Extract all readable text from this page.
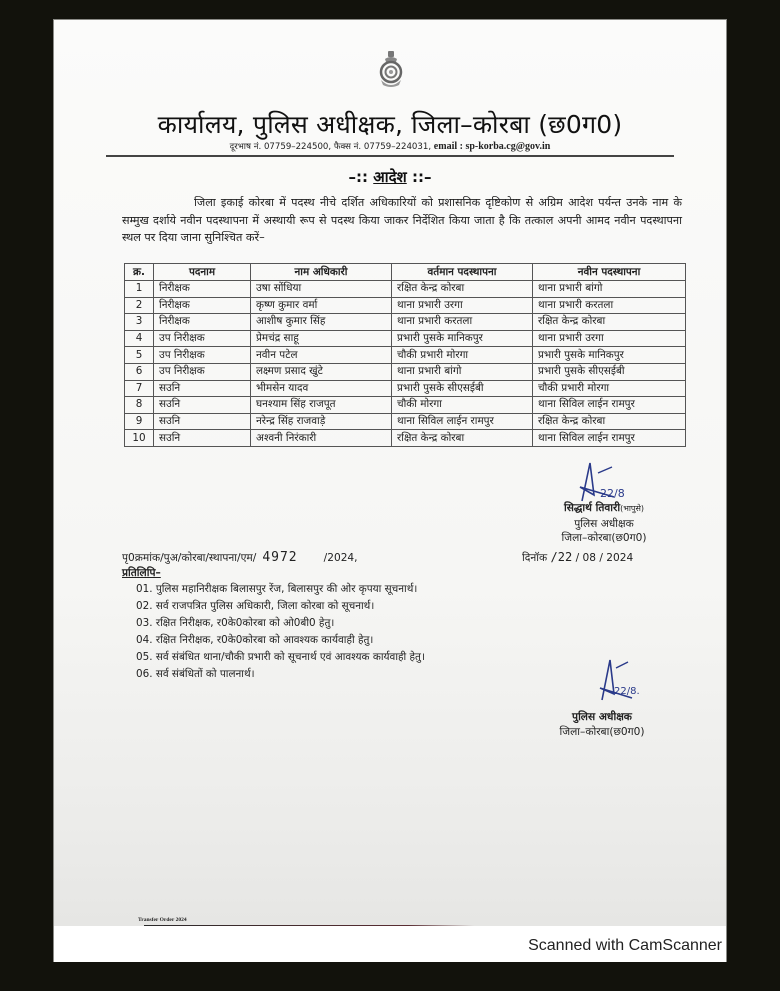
कार्यालय, पुलिस अधीक्षक, जिला–कोरबा (छ0ग0)
दूरभाष नं. 07759–224500, फैक्स नं. 07759–224031, email : sp-korba.cg@gov.in
–:: आदेश ::–
जिला इकाई कोरबा में पदस्थ नीचे दर्शित अधिकारियों को प्रशासनिक दृष्टिकोण से अग्रिम आदेश पर्यन्त उनके नाम के सम्मुख दर्शाये नवीन पदस्थापना में अस्थायी रूप से पदस्थ किया जाकर निर्देशित किया जाता है कि तत्काल अपनी आमद नवीन पदस्थापना स्थल पर दिया जाना सुनिश्चित करें–
क्र.	पदनाम	नाम अधिकारी	वर्तमान पदस्थापना	नवीन पदस्थापना
1	निरीक्षक	उषा सोंधिया	रक्षित केन्द्र कोरबा	थाना प्रभारी बांगो
2	निरीक्षक	कृष्ण कुमार वर्मा	थाना प्रभारी उरगा	थाना प्रभारी करतला
3	निरीक्षक	आशीष कुमार सिंह	थाना प्रभारी करतला	रक्षित केन्द्र कोरबा
4	उप निरीक्षक	प्रेमचंद्र साहू	प्रभारी पुसके मानिकपुर	थाना प्रभारी उरगा
5	उप निरीक्षक	नवीन पटेल	चौकी प्रभारी मोरगा	प्रभारी पुसके मानिकपुर
6	उप निरीक्षक	लक्ष्मण प्रसाद खुंटे	थाना प्रभारी बांगो	प्रभारी पुसके सीएसईबी
7	सउनि	भीमसेन यादव	प्रभारी पुसके सीएसईबी	चौकी प्रभारी मोरगा
8	सउनि	घनश्याम सिंह राजपूत	चौकी मोरगा	थाना सिविल लाईन रामपुर
9	सउनि	नरेन्द्र सिंह राजवाड़े	थाना सिविल लाईन रामपुर	रक्षित केन्द्र कोरबा
10	सउनि	अश्वनी निरंकारी	रक्षित केन्द्र कोरबा	थाना सिविल लाईन रामपुर
22/8
सिद्धार्थ तिवारी(भापुसे)
पुलिस अधीक्षक
जिला–कोरबा(छ0ग0)
पृ0क्रमांक/पुअ/कोरबा/स्थापना/एम/ 4972 /2024,	दिनॉक /22 / 08 / 2024
प्रतिलिपि–
01. पुलिस महानिरीक्षक बिलासपुर रेंज, बिलासपुर की ओर कृपया सूचनार्थ।
02. सर्व राजपत्रित पुलिस अधिकारी, जिला कोरबा को सूचनार्थ।
03. रक्षित निरीक्षक, र0के0कोरबा को ओ0बी0 हेतु।
04. रक्षित निरीक्षक, र0के0कोरबा को आवश्यक कार्यवाही हेतु।
05. सर्व संबंधित थाना/चौकी प्रभारी को सूचनार्थ एवं आवश्यक कार्यवाही हेतु।
06. सर्व संबंधितों को पालनार्थ।
22/8.
पुलिस अधीक्षक
जिला–कोरबा(छ0ग0)
Transfer Order 2024
Scanned with CamScanner
